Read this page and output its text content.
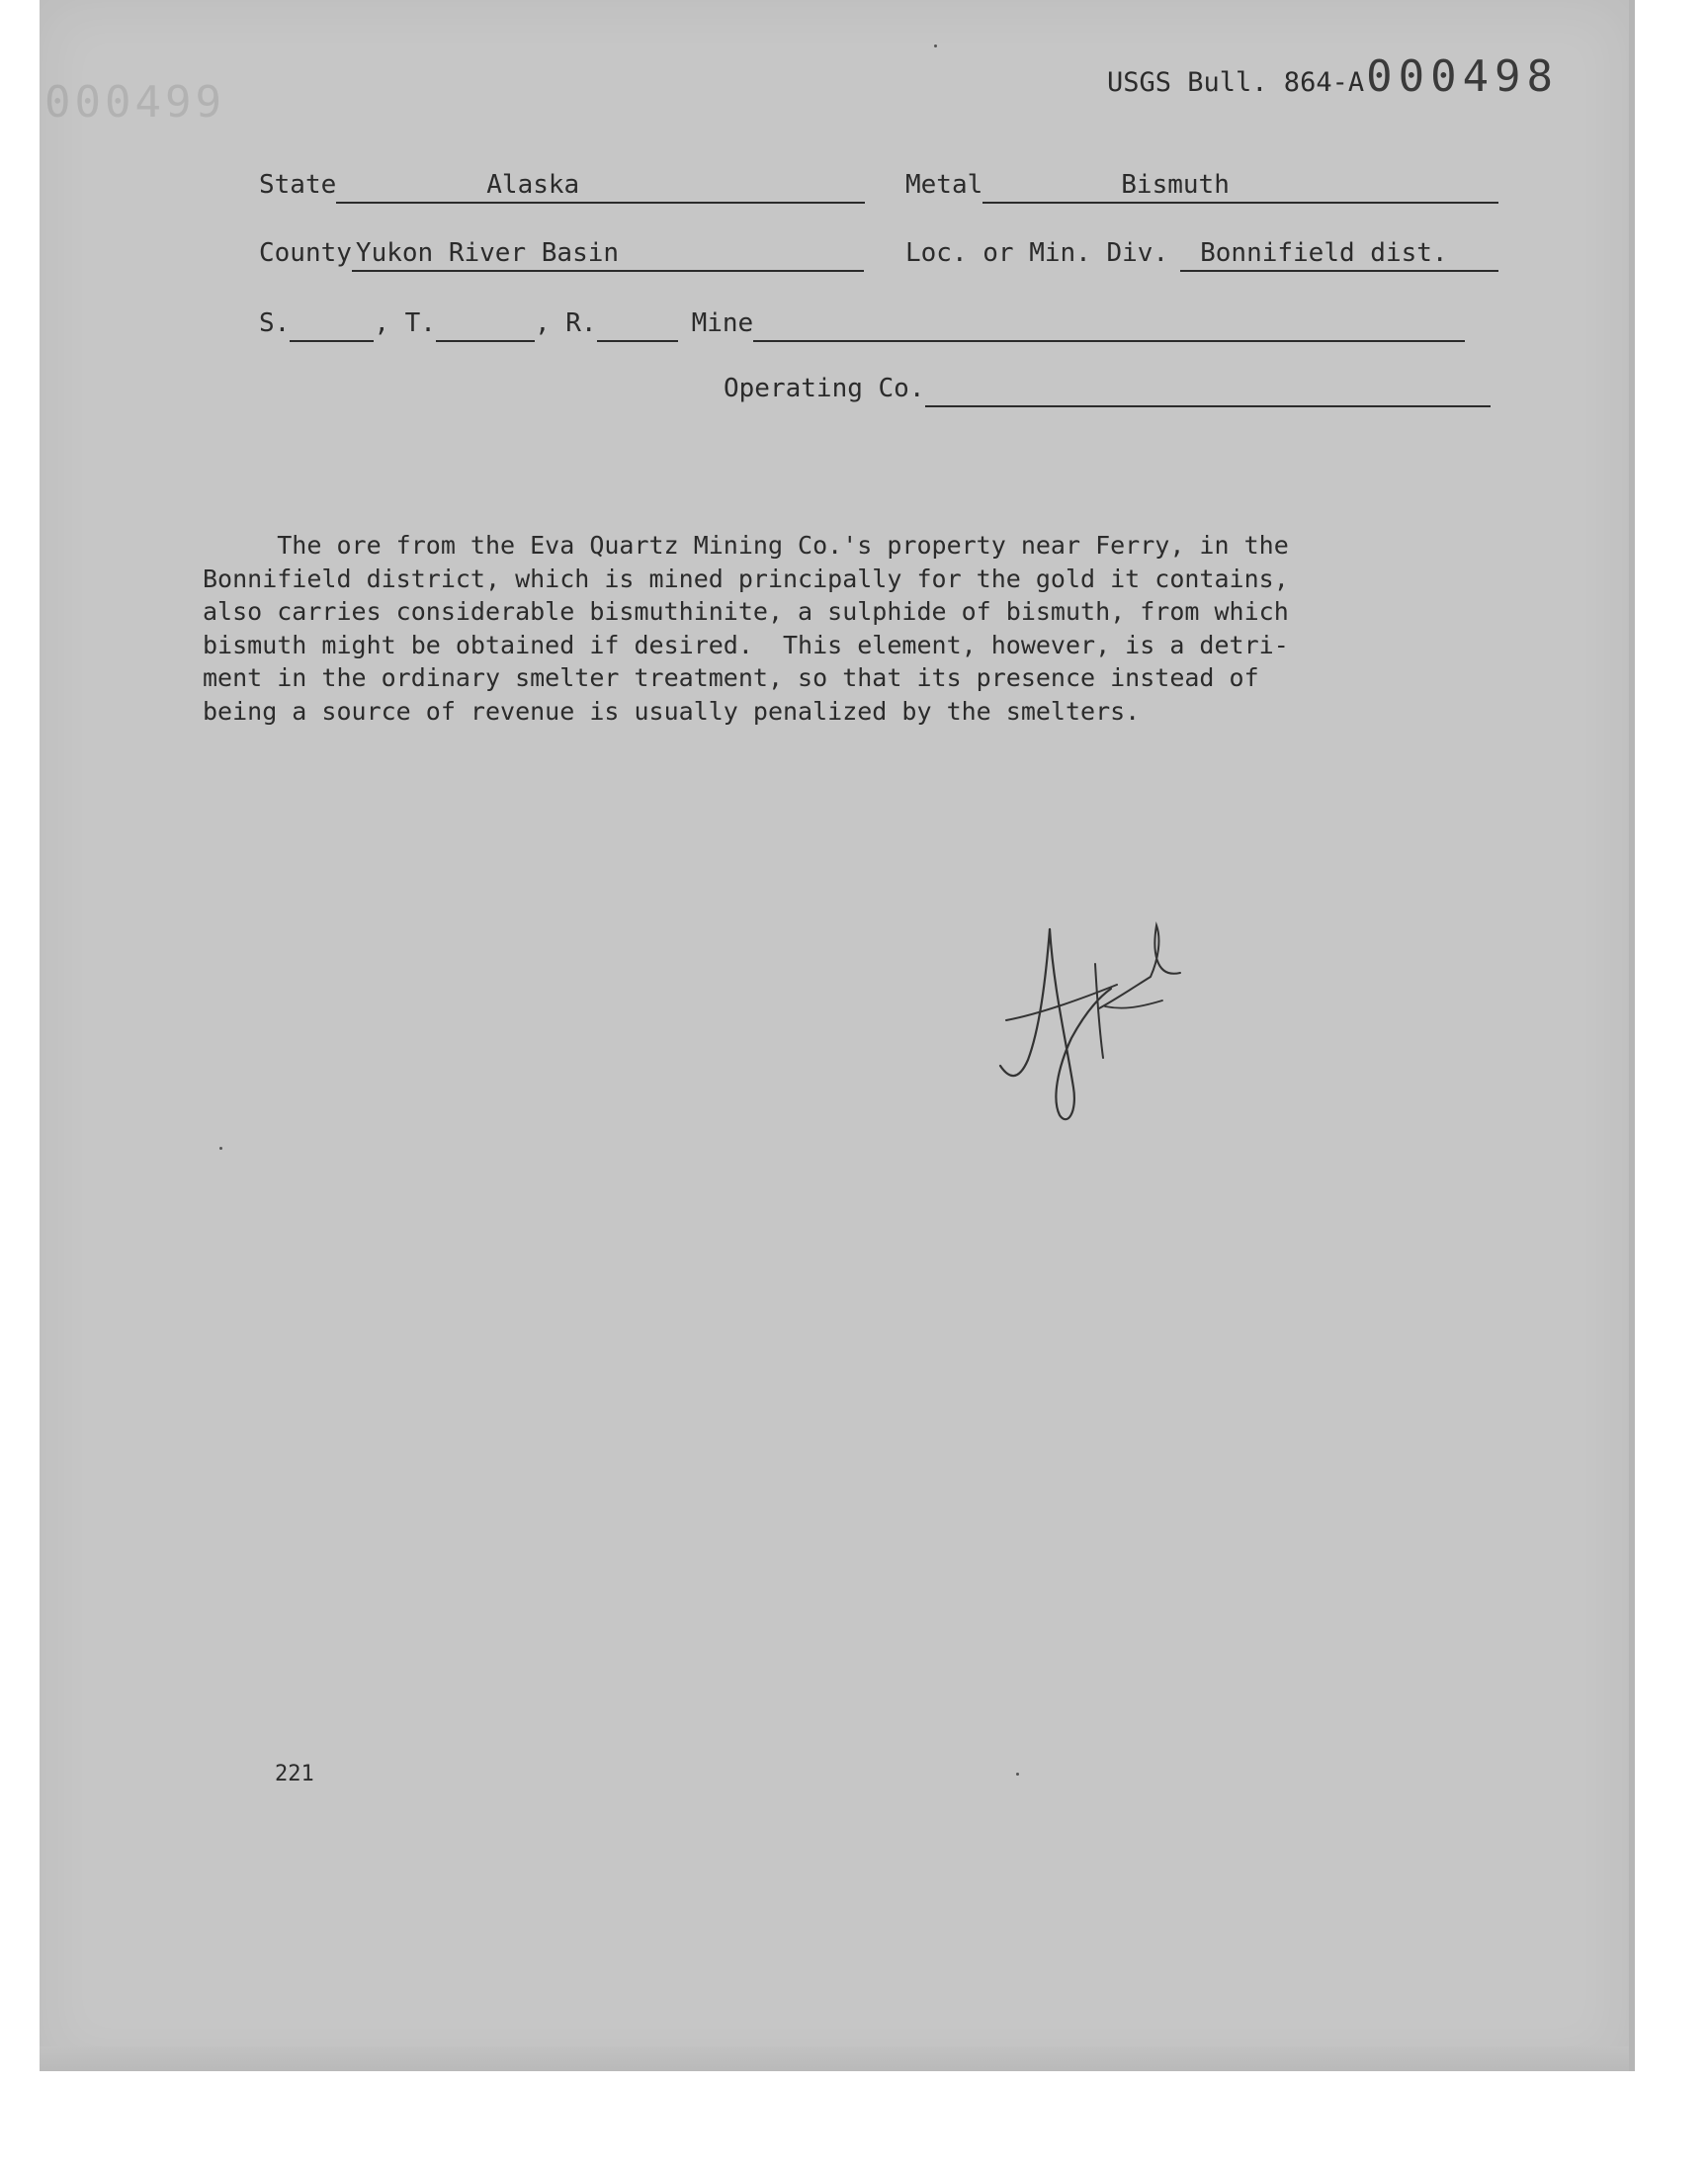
000499	USGS Bull. 864-A 000498
State	Alaska	Metal	Bismuth
County Yukon River Basin	Loc. or Min. Div. Bonnifield dist.
S.	, T.	, R.	Mine
Operating Co.
The ore from the Eva Quartz Mining Co.'s property near Ferry, in the
Bonnifield district, which is mined principally for the gold it contains,
also carries considerable bismuthinite, a sulphide of bismuth, from which
bismuth might be obtained if desired.  This element, however, is a detri-
ment in the ordinary smelter treatment, so that its presence instead of
being a source of revenue is usually penalized by the smelters.
221
